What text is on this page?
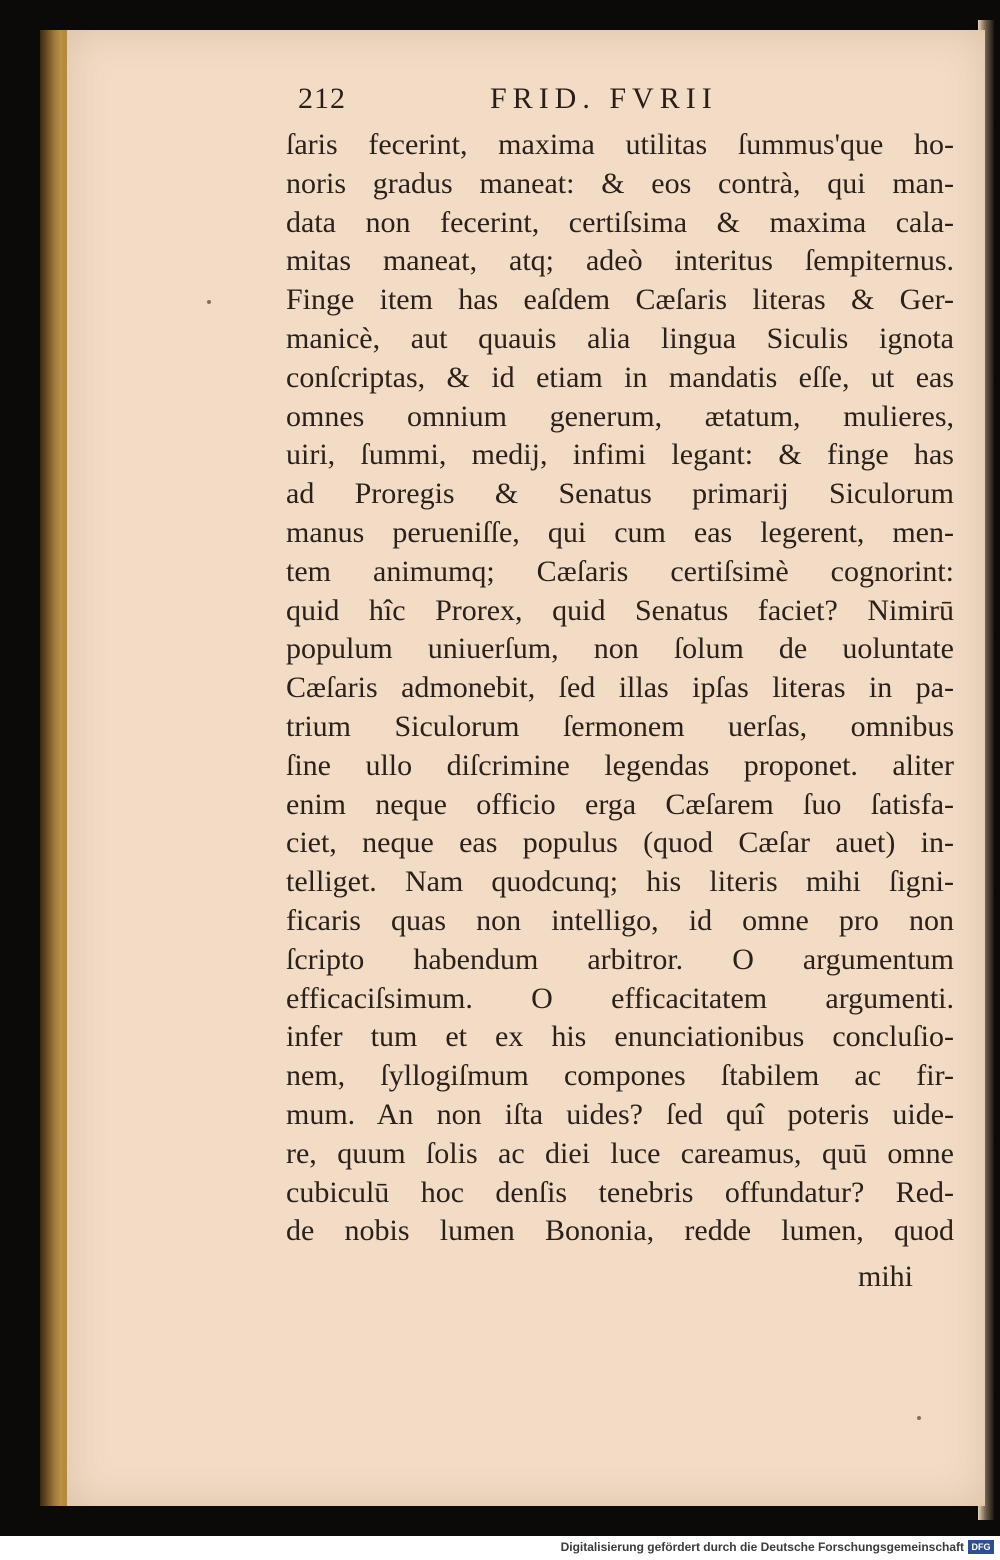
212	FRID. FVRII
ſaris fecerint, maxima utilitas ſummus'que ho-
noris gradus maneat: & eos contrà, qui man-
data non fecerint, certiſsima & maxima cala-
mitas maneat, atq; adeò interitus ſempiternus.
Finge item has eaſdem Cæſaris literas & Ger-
manicè, aut quauis alia lingua Siculis ignota
conſcriptas, & id etiam in mandatis eſſe, ut eas
omnes omnium generum, ætatum, mulieres,
uiri, ſummi, medij, infimi legant: & finge has
ad Proregis & Senatus primarij Siculorum
manus perueniſſe, qui cum eas legerent, men-
tem animumq; Cæſaris certiſsimè cognorint:
quid hîc Prorex, quid Senatus faciet? Nimirū
populum uniuerſum, non ſolum de uoluntate
Cæſaris admonebit, ſed illas ipſas literas in pa-
trium Siculorum ſermonem uerſas, omnibus
ſine ullo diſcrimine legendas proponet. aliter
enim neque officio erga Cæſarem ſuo ſatisfa-
ciet, neque eas populus (quod Cæſar auet) in-
telliget. Nam quodcunq; his literis mihi ſigni-
ficaris quas non intelligo, id omne pro non
ſcripto habendum arbitror. O argumentum
efficaciſsimum. O efficacitatem argumenti.
infer tum et ex his enunciationibus concluſio-
nem, ſyllogiſmum compones ſtabilem ac fir-
mum. An non iſta uides? ſed quî poteris uide-
re, quum ſolis ac diei luce careamus, quū omne
cubiculū hoc denſis tenebris offundatur? Red-
de nobis lumen Bononia, redde lumen, quod
mihi
Digitalisierung gefördert durch die Deutsche Forschungsgemeinschaft DFG
